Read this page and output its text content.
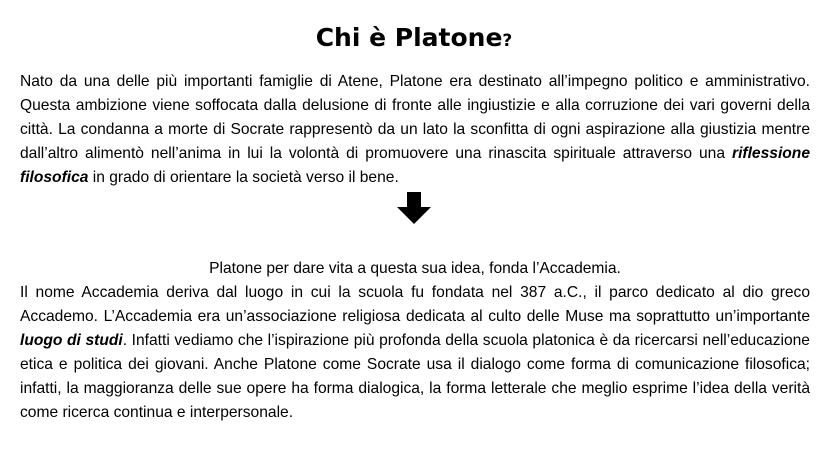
Chi è Platone?

Nato da una delle più importanti famiglie di Atene, Platone era destinato all’impegno politico e amministrativo. Questa ambizione viene soffocata dalla delusione di fronte alle ingiustizie e alla corruzione dei vari governi della città. La condanna a morte di Socrate rappresentò da un lato la sconfitta di ogni aspirazione alla giustizia mentre dall’altro alimentò nell’anima in lui la volontà di promuovere una rinascita spirituale attraverso una riflessione filosofica in grado di orientare la società verso il bene.

Platone per dare vita a questa sua idea, fonda l’Accademia.
Il nome Accademia deriva dal luogo in cui la scuola fu fondata nel 387 a.C., il parco dedicato al dio greco Accademo. L’Accademia era un’associazione religiosa dedicata al culto delle Muse ma soprattutto un’importante luogo di studi. Infatti vediamo che l’ispirazione più profonda della scuola platonica è da ricercarsi nell’educazione etica e politica dei giovani. Anche Platone come Socrate usa il dialogo come forma di comunicazione filosofica; infatti, la maggioranza delle sue opere ha forma dialogica, la forma letterale che meglio esprime l’idea della verità come ricerca continua e interpersonale.
